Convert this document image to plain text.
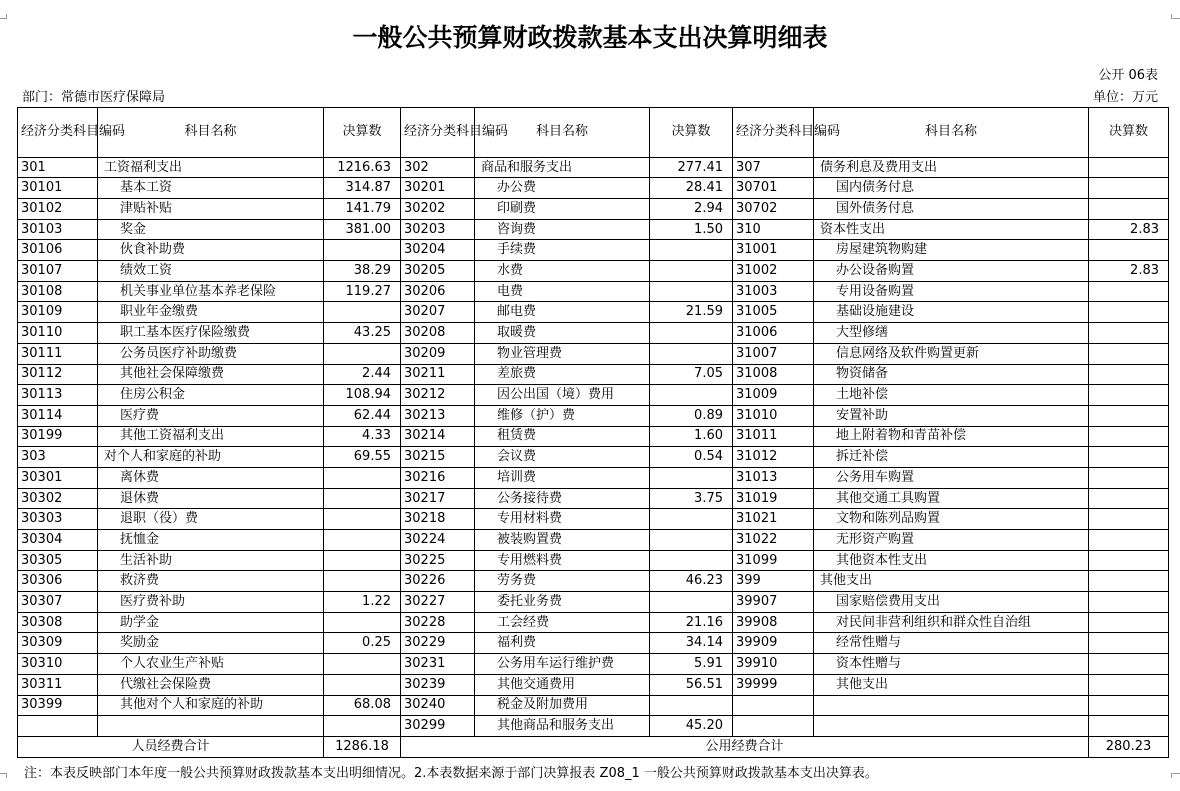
一般公共预算财政拨款基本支出决算明细表
公开 06表
部门：常德市医疗保障局	单位：万元
经济分类科目编码	科目名称	决算数	经济分类科目编码	科目名称	决算数	经济分类科目编码	科目名称	决算数
301	工资福利支出	1216.63	302	商品和服务支出	277.41	307	债务利息及费用支出	
30101	基本工资	314.87	30201	办公费	28.41	30701	国内债务付息	
30102	津贴补贴	141.79	30202	印刷费	2.94	30702	国外债务付息	
30103	奖金	381.00	30203	咨询费	1.50	310	资本性支出	2.83
30106	伙食补助费		30204	手续费		31001	房屋建筑物购建	
30107	绩效工资	38.29	30205	水费		31002	办公设备购置	2.83
30108	机关事业单位基本养老保险	119.27	30206	电费		31003	专用设备购置	
30109	职业年金缴费		30207	邮电费	21.59	31005	基础设施建设	
30110	职工基本医疗保险缴费	43.25	30208	取暖费		31006	大型修缮	
30111	公务员医疗补助缴费		30209	物业管理费		31007	信息网络及软件购置更新	
30112	其他社会保障缴费	2.44	30211	差旅费	7.05	31008	物资储备	
30113	住房公积金	108.94	30212	因公出国（境）费用		31009	土地补偿	
30114	医疗费	62.44	30213	维修（护）费	0.89	31010	安置补助	
30199	其他工资福利支出	4.33	30214	租赁费	1.60	31011	地上附着物和青苗补偿	
303	对个人和家庭的补助	69.55	30215	会议费	0.54	31012	拆迁补偿	
30301	离休费		30216	培训费		31013	公务用车购置	
30302	退休费		30217	公务接待费	3.75	31019	其他交通工具购置	
30303	退职（役）费		30218	专用材料费		31021	文物和陈列品购置	
30304	抚恤金		30224	被装购置费		31022	无形资产购置	
30305	生活补助		30225	专用燃料费		31099	其他资本性支出	
30306	救济费		30226	劳务费	46.23	399	其他支出	
30307	医疗费补助	1.22	30227	委托业务费		39907	国家赔偿费用支出	
30308	助学金		30228	工会经费	21.16	39908	对民间非营利组织和群众性自治组	
30309	奖励金	0.25	30229	福利费	34.14	39909	经常性赠与	
30310	个人农业生产补贴		30231	公务用车运行维护费	5.91	39910	资本性赠与	
30311	代缴社会保险费		30239	其他交通费用	56.51	39999	其他支出	
30399	其他对个人和家庭的补助	68.08	30240	税金及附加费用				
			30299	其他商品和服务支出	45.20			
人员经费合计		1286.18	公用经费合计					280.23
注：本表反映部门本年度一般公共预算财政拨款基本支出明细情况。2.本表数据来源于部门决算报表 Z08_1 一般公共预算财政拨款基本支出决算表。
